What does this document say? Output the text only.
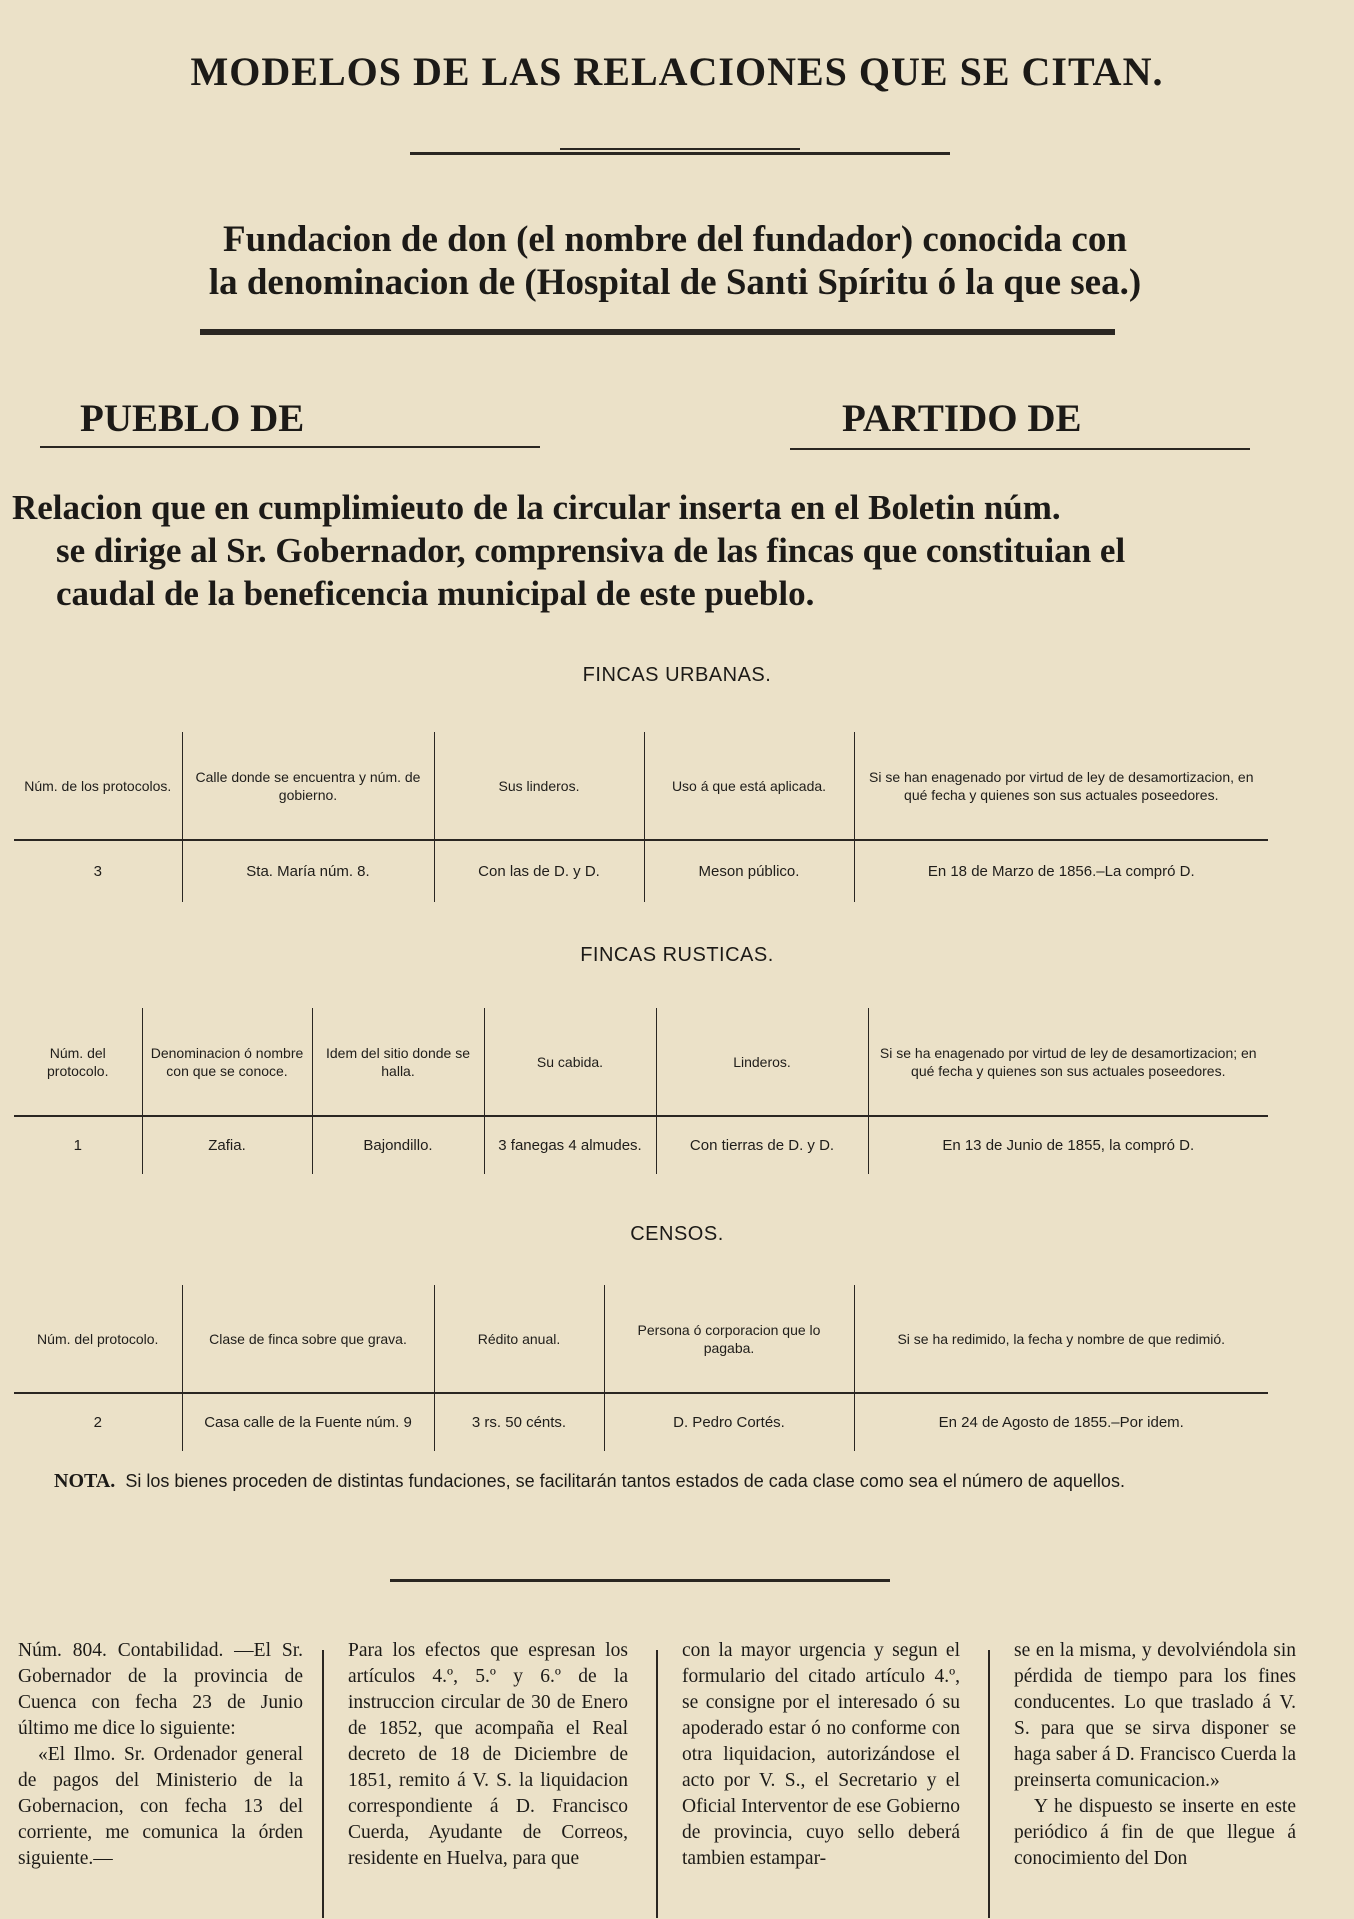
MODELOS DE LAS RELACIONES QUE SE CITAN.
Fundacion de don (el nombre del fundador) conocida con
la denominacion de (Hospital de Santi Spíritu ó la que sea.)
PUEBLO DE	PARTIDO DE
Relacion que en cumplimieuto de la circular inserta en el Boletin núm.
se dirige al Sr. Gobernador, comprensiva de las fincas que constituian el
caudal de la beneficencia municipal de este pueblo.
FINCAS URBANAS.
Núm. de los protocolos.	Calle donde se encuentra y núm. de gobierno.	Sus linderos.	Uso á que está aplicada.	Si se han enagenado por virtud de ley de desamortizacion, en qué fecha y quienes son sus actuales poseedores.
3	Sta. María núm. 8.	Con las de D. y D.	Meson público.	En 18 de Marzo de 1856.–La compró D.
FINCAS RUSTICAS.
Núm. del protocolo.	Denominacion ó nombre con que se conoce.	Idem del sitio donde se halla.	Su cabida.	Linderos.	Si se ha enagenado por virtud de ley de desamortizacion; en qué fecha y quienes son sus actuales poseedores.
1	Zafia.	Bajondillo.	3 fanegas 4 almudes.	Con tierras de D. y D.	En 13 de Junio de 1855, la compró D.
CENSOS.
Núm. del protocolo.	Clase de finca sobre que grava.	Rédito anual.	Persona ó corporacion que lo pagaba.	Si se ha redimido, la fecha y nombre de que redimió.
2	Casa calle de la Fuente núm. 9	3 rs. 50 cénts.	D. Pedro Cortés.	En 24 de Agosto de 1855.–Por idem.
NOTA. Si los bienes proceden de distintas fundaciones, se facilitarán tantos estados de cada clase como sea el número de aquellos.

Núm. 804. Contabilidad. —El Sr. Gobernador de la provincia de Cuenca con fecha 23 de Junio último me dice lo siguiente:

«El Ilmo. Sr. Ordenador general de pagos del Ministerio de la Gobernacion, con fecha 13 del corriente, me comunica la órden siguiente.—

Para los efectos que espresan los artículos 4.º, 5.º y 6.º de la instruccion circular de 30 de Enero de 1852, que acompaña el Real decreto de 18 de Diciembre de 1851, remito á V. S. la liquidacion correspondiente á D. Francisco Cuerda, Ayudante de Correos, residente en Huelva, para que

con la mayor urgencia y segun el formulario del citado artículo 4.º, se consigne por el interesado ó su apoderado estar ó no conforme con otra liquidacion, autorizándose el acto por V. S., el Secretario y el Oficial Interventor de ese Gobierno de provincia, cuyo sello deberá tambien estampar-

se en la misma, y devolviéndola sin pérdida de tiempo para los fines conducentes. Lo que traslado á V. S. para que se sirva disponer se haga saber á D. Francisco Cuerda la preinserta comunicacion.»

Y he dispuesto se inserte en este periódico á fin de que llegue á conocimiento del Don
